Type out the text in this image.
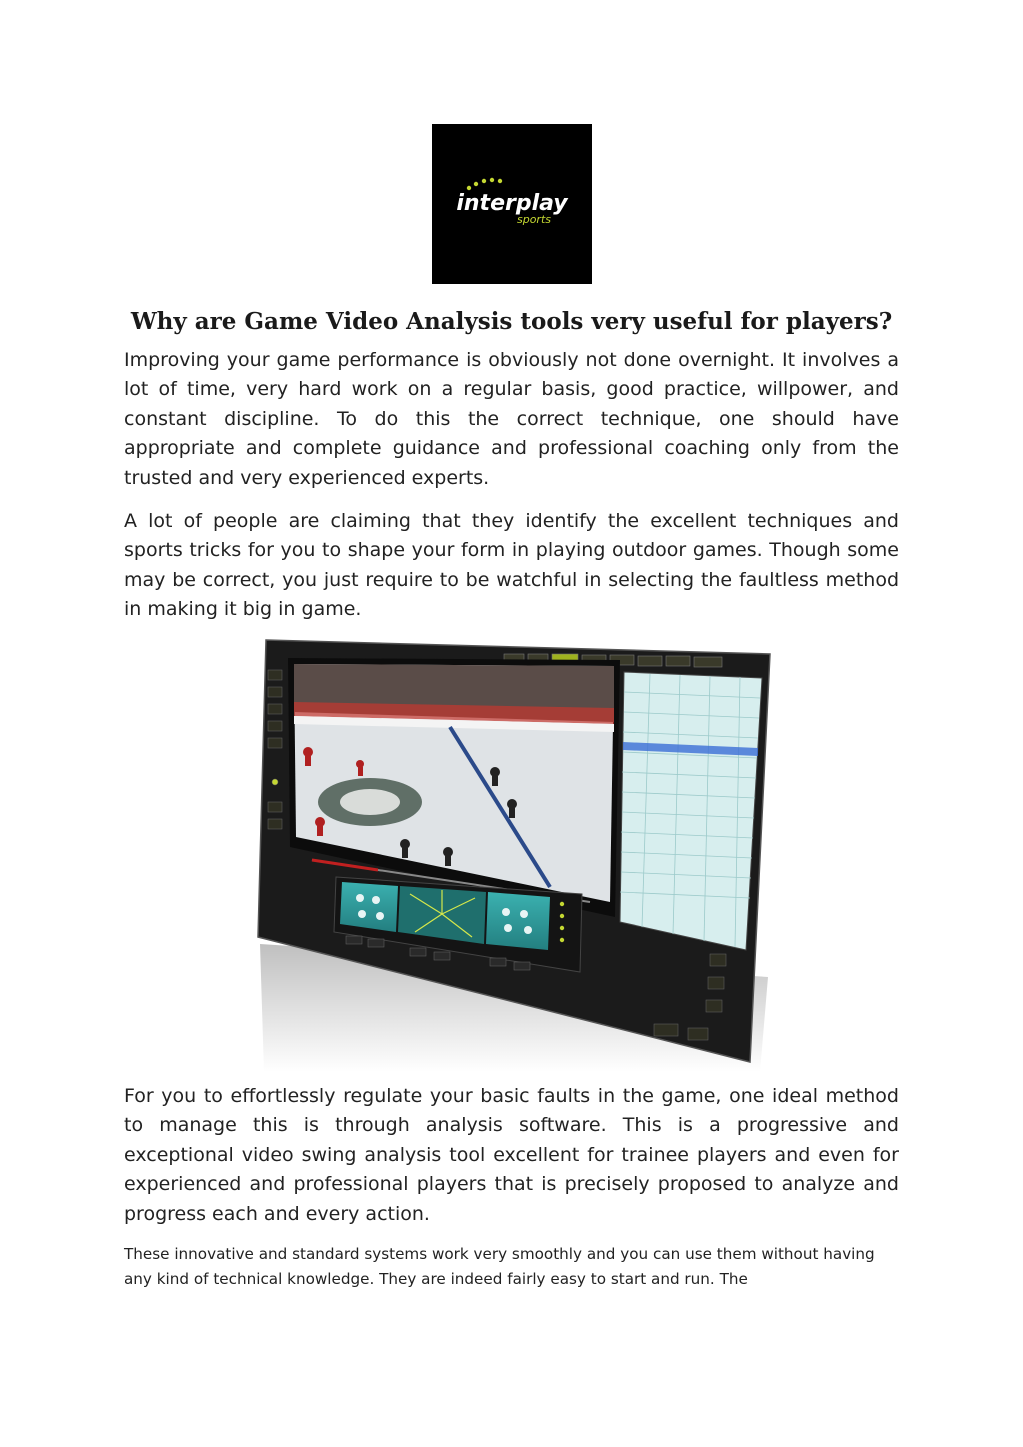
interplay
sports
Why are Game Video Analysis tools very useful for players?

Improving your game performance is obviously not done overnight. It involves a lot of time, very hard work on a regular basis, good practice, willpower, and constant discipline. To do this the correct technique, one should have appropriate and complete guidance and professional coaching only from the trusted and very experienced experts.

A lot of people are claiming that they identify the excellent techniques and sports tricks for you to shape your form in playing outdoor games. Though some may be correct, you just require to be watchful in selecting the faultless method in making it big in game.

For you to effortlessly regulate your basic faults in the game, one ideal method to manage this is through analysis software. This is a progressive and exceptional video swing analysis tool excellent for trainee players and even for experienced and professional players that is precisely proposed to analyze and progress each and every action.

These innovative and standard systems work very smoothly and you can use them without having any kind of technical knowledge. They are indeed fairly easy to start and run. The
